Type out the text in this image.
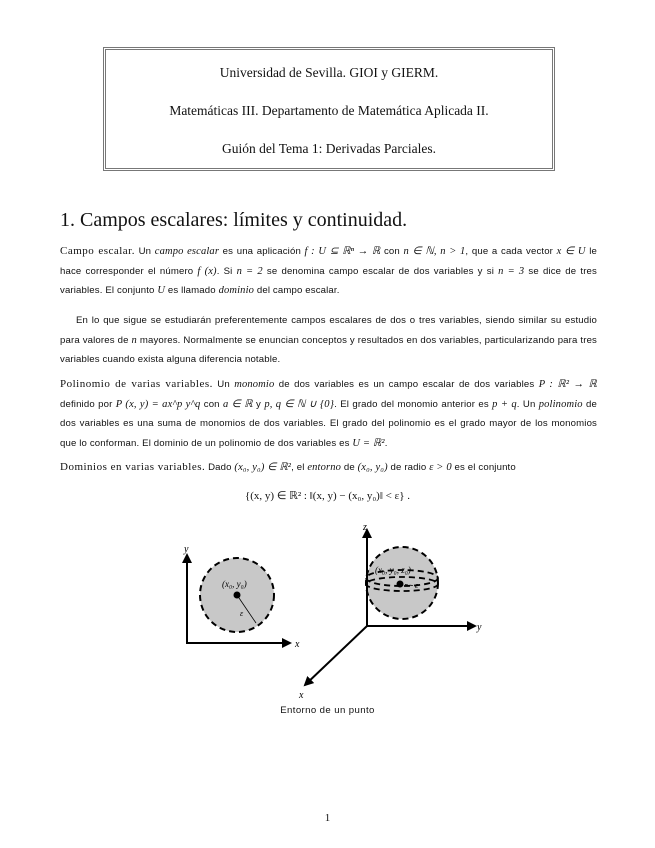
Universidad de Sevilla. GIOI y GIERM.
Matemáticas III. Departamento de Matemática Aplicada II.
Guión del Tema 1: Derivadas Parciales.
1. Campos escalares: límites y continuidad.
Campo escalar. Un campo escalar es una aplicación f : U ⊆ ℝⁿ → ℝ con n ∈ ℕ, n > 1, que a cada vector x ∈ U le hace corresponder el número f (x). Si n = 2 se denomina campo escalar de dos variables y si n = 3 se dice de tres variables. El conjunto U es llamado dominio del campo escalar.
En lo que sigue se estudiarán preferentemente campos escalares de dos o tres variables, siendo similar su estudio para valores de n mayores. Normalmente se enuncian conceptos y resultados en dos variables, particularizando para tres variables cuando exista alguna diferencia notable.
Polinomio de varias variables. Un monomio de dos variables es un campo escalar de dos variables P : ℝ² → ℝ definido por P (x, y) = ax^p y^q con a ∈ ℝ y p, q ∈ ℕ ∪ {0}. El grado del monomio anterior es p + q. Un polinomio de dos variables es una suma de monomios de dos variables. El grado del polinomio es el grado mayor de los monomios que lo conforman. El dominio de un polinomio de dos variables es U = ℝ².
Dominios en varias variables. Dado (x₀, y₀) ∈ ℝ², el entorno de (x₀, y₀) de radio ε > 0 es el conjunto
{(x, y) ∈ ℝ² : ‖(x, y) − (x₀, y₀)‖ < ε} .
(x₀, y₀)
ε
y
x
(x₀, y₀, z₀)
ε
z
y
x
Entorno de un punto
1
